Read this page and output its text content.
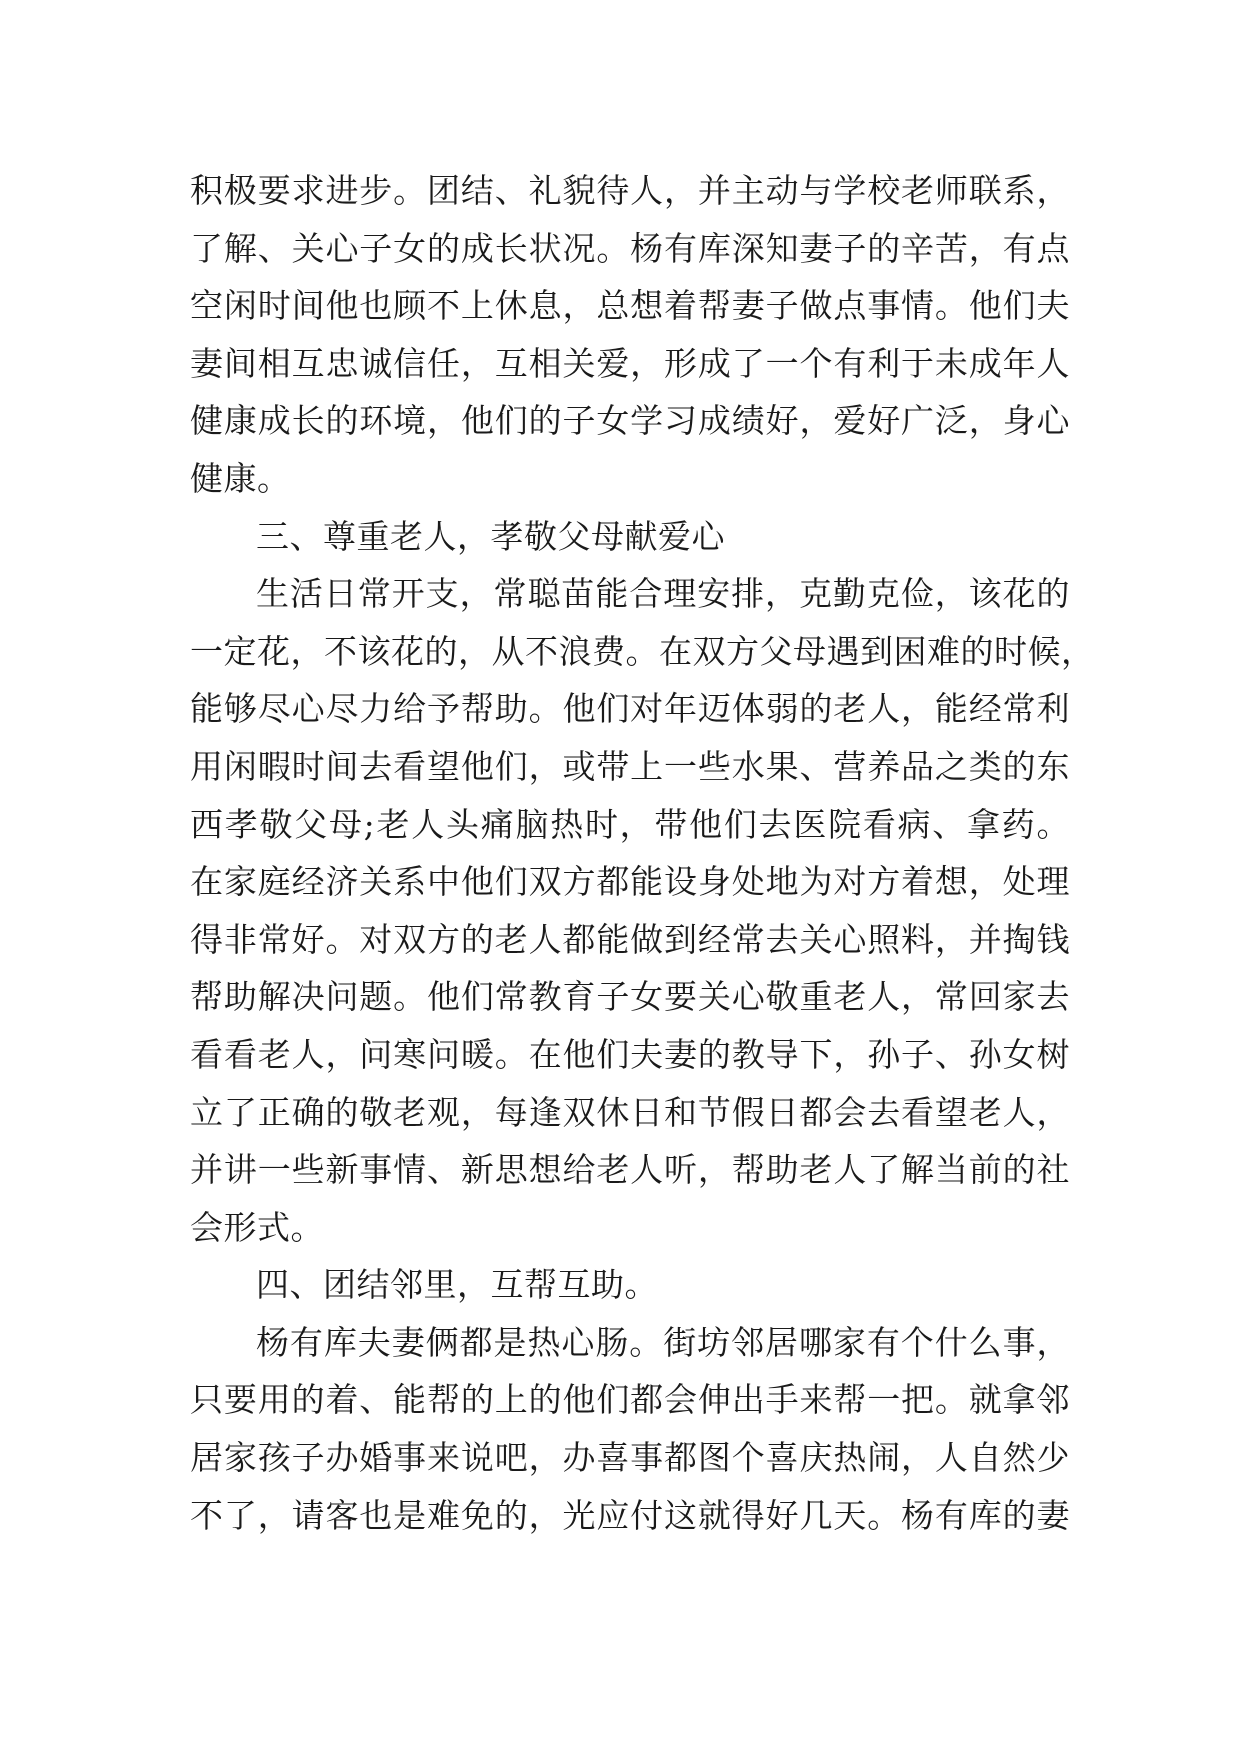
积极要求进步。团结、礼貌待人，并主动与学校老师联系，
了解、关心子女的成长状况。杨有库深知妻子的辛苦，有点
空闲时间他也顾不上休息，总想着帮妻子做点事情。他们夫
妻间相互忠诚信任，互相关爱，形成了一个有利于未成年人
健康成长的环境，他们的子女学习成绩好，爱好广泛，身心
健康。
三、尊重老人，孝敬父母献爱心
生活日常开支，常聪苗能合理安排，克勤克俭，该花的
一定花，不该花的，从不浪费。在双方父母遇到困难的时候，
能够尽心尽力给予帮助。他们对年迈体弱的老人，能经常利
用闲暇时间去看望他们，或带上一些水果、营养品之类的东
西孝敬父母;老人头痛脑热时，带他们去医院看病、拿药。
在家庭经济关系中他们双方都能设身处地为对方着想，处理
得非常好。对双方的老人都能做到经常去关心照料，并掏钱
帮助解决问题。他们常教育子女要关心敬重老人，常回家去
看看老人，问寒问暖。在他们夫妻的教导下，孙子、孙女树
立了正确的敬老观，每逢双休日和节假日都会去看望老人，
并讲一些新事情、新思想给老人听，帮助老人了解当前的社
会形式。
四、团结邻里，互帮互助。
杨有库夫妻俩都是热心肠。街坊邻居哪家有个什么事，
只要用的着、能帮的上的他们都会伸出手来帮一把。就拿邻
居家孩子办婚事来说吧，办喜事都图个喜庆热闹，人自然少
不了，请客也是难免的，光应付这就得好几天。杨有库的妻
